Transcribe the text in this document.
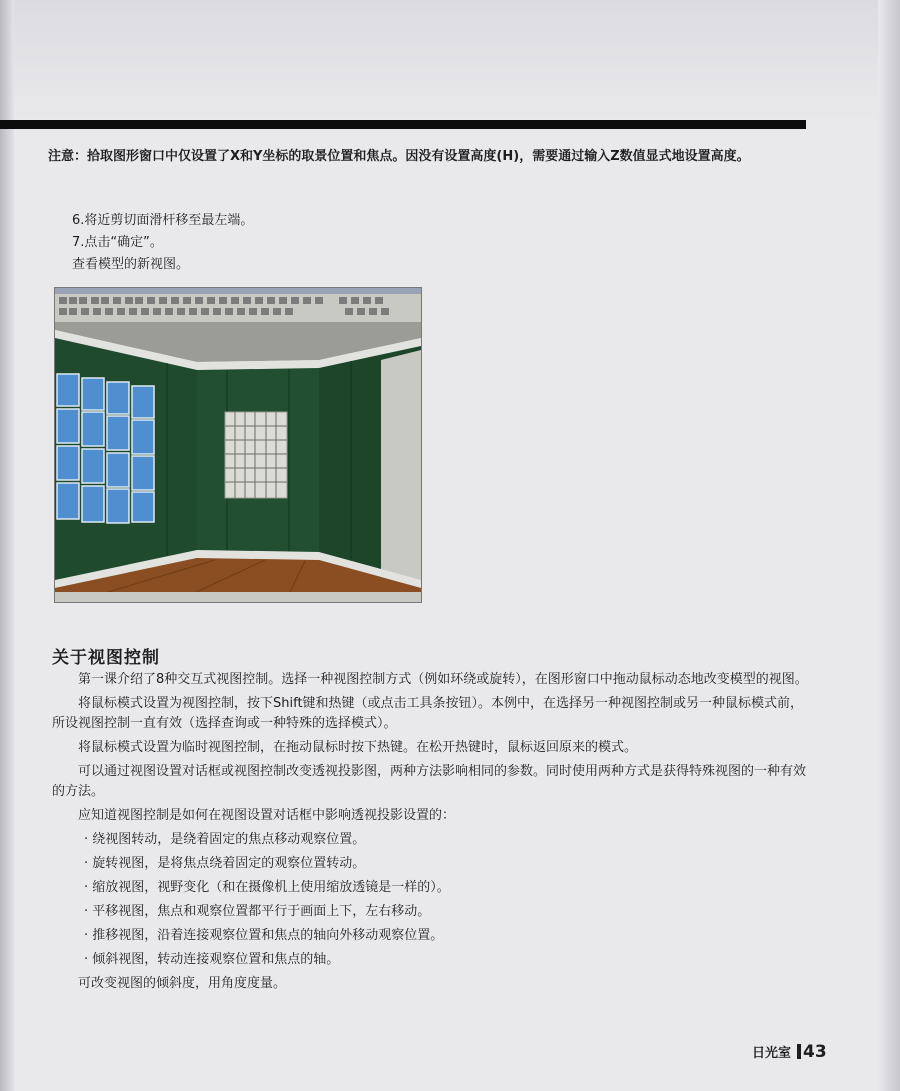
注意：拾取图形窗口中仅设置了X和Y坐标的取景位置和焦点。因没有设置高度(H)，需要通过输入Z数值显式地设置高度。
6.将近剪切面滑杆移至最左端。
7.点击“确定”。
查看模型的新视图。
关于视图控制

第一课介绍了8种交互式视图控制。选择一种视图控制方式（例如环绕或旋转），在图形窗口中拖动鼠标动态地改变模型的视图。

将鼠标模式设置为视图控制，按下Shift键和热键（或点击工具条按钮）。本例中，在选择另一种视图控制或另一种鼠标模式前，所设视图控制一直有效（选择查询或一种特殊的选择模式）。

将鼠标模式设置为临时视图控制，在拖动鼠标时按下热键。在松开热键时，鼠标返回原来的模式。

可以通过视图设置对话框或视图控制改变透视投影图，两种方法影响相同的参数。同时使用两种方式是获得特殊视图的一种有效的方法。

应知道视图控制是如何在视图设置对话框中影响透视投影设置的：

· 绕视图转动，是绕着固定的焦点移动观察位置。
· 旋转视图，是将焦点绕着固定的观察位置转动。
· 缩放视图，视野变化（和在摄像机上使用缩放透镜是一样的）。
· 平移视图，焦点和观察位置都平行于画面上下，左右移动。
· 推移视图，沿着连接观察位置和焦点的轴向外移动观察位置。
· 倾斜视图，转动连接观察位置和焦点的轴。

可改变视图的倾斜度，用角度度量。

日光室 43
